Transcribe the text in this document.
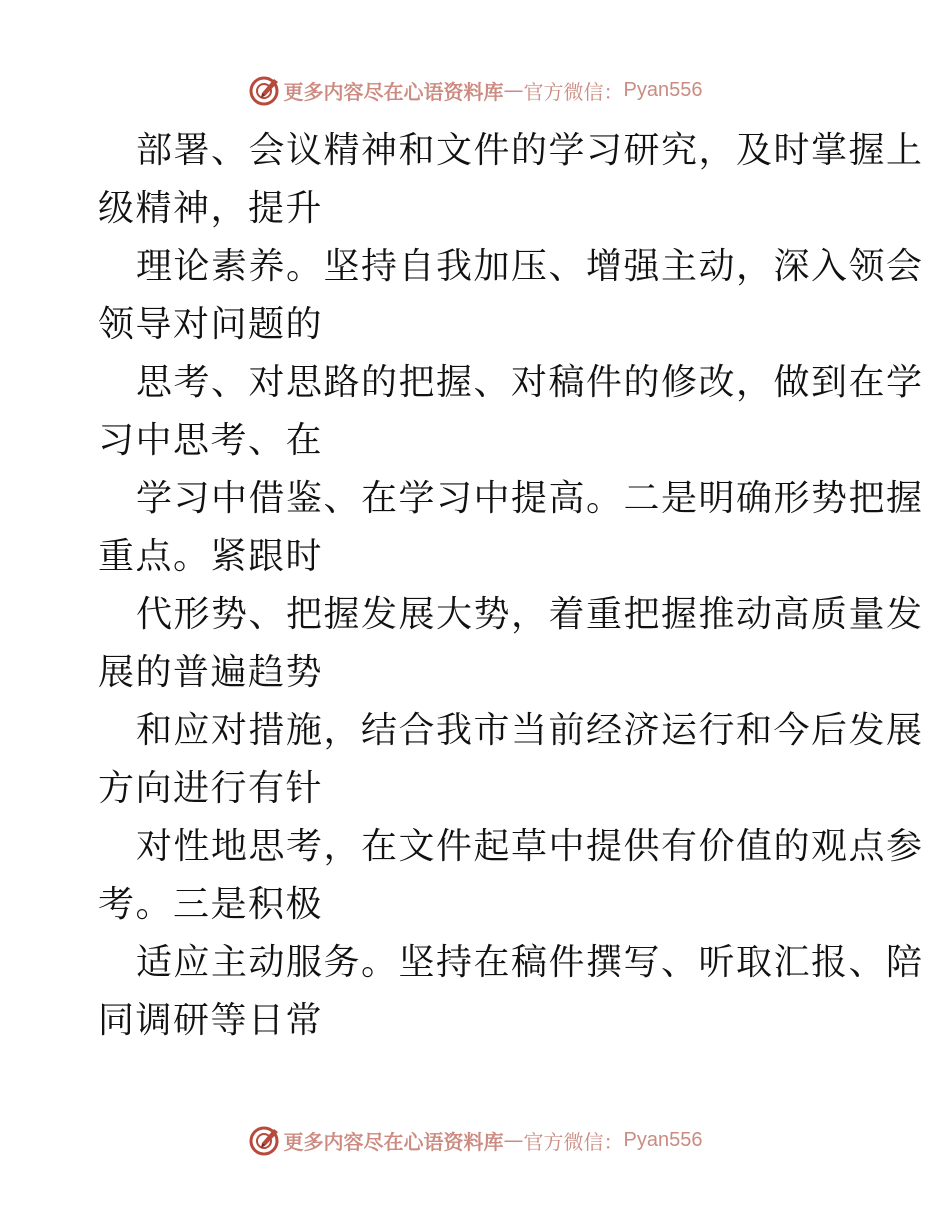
更多内容尽在心语资料库 — 官方微信： Pyan556
部署、会议精神和文件的学习研究，及时掌握上
级精神，提升
理论素养。坚持自我加压、增强主动，深入领会
领导对问题的
思考、对思路的把握、对稿件的修改，做到在学
习中思考、在
学习中借鉴、在学习中提高。二是明确形势把握
重点。紧跟时
代形势、把握发展大势，着重把握推动高质量发
展的普遍趋势
和应对措施，结合我市当前经济运行和今后发展
方向进行有针
对性地思考，在文件起草中提供有价值的观点参
考。三是积极
适应主动服务。坚持在稿件撰写、听取汇报、陪
同调研等日常
更多内容尽在心语资料库 — 官方微信： Pyan556
